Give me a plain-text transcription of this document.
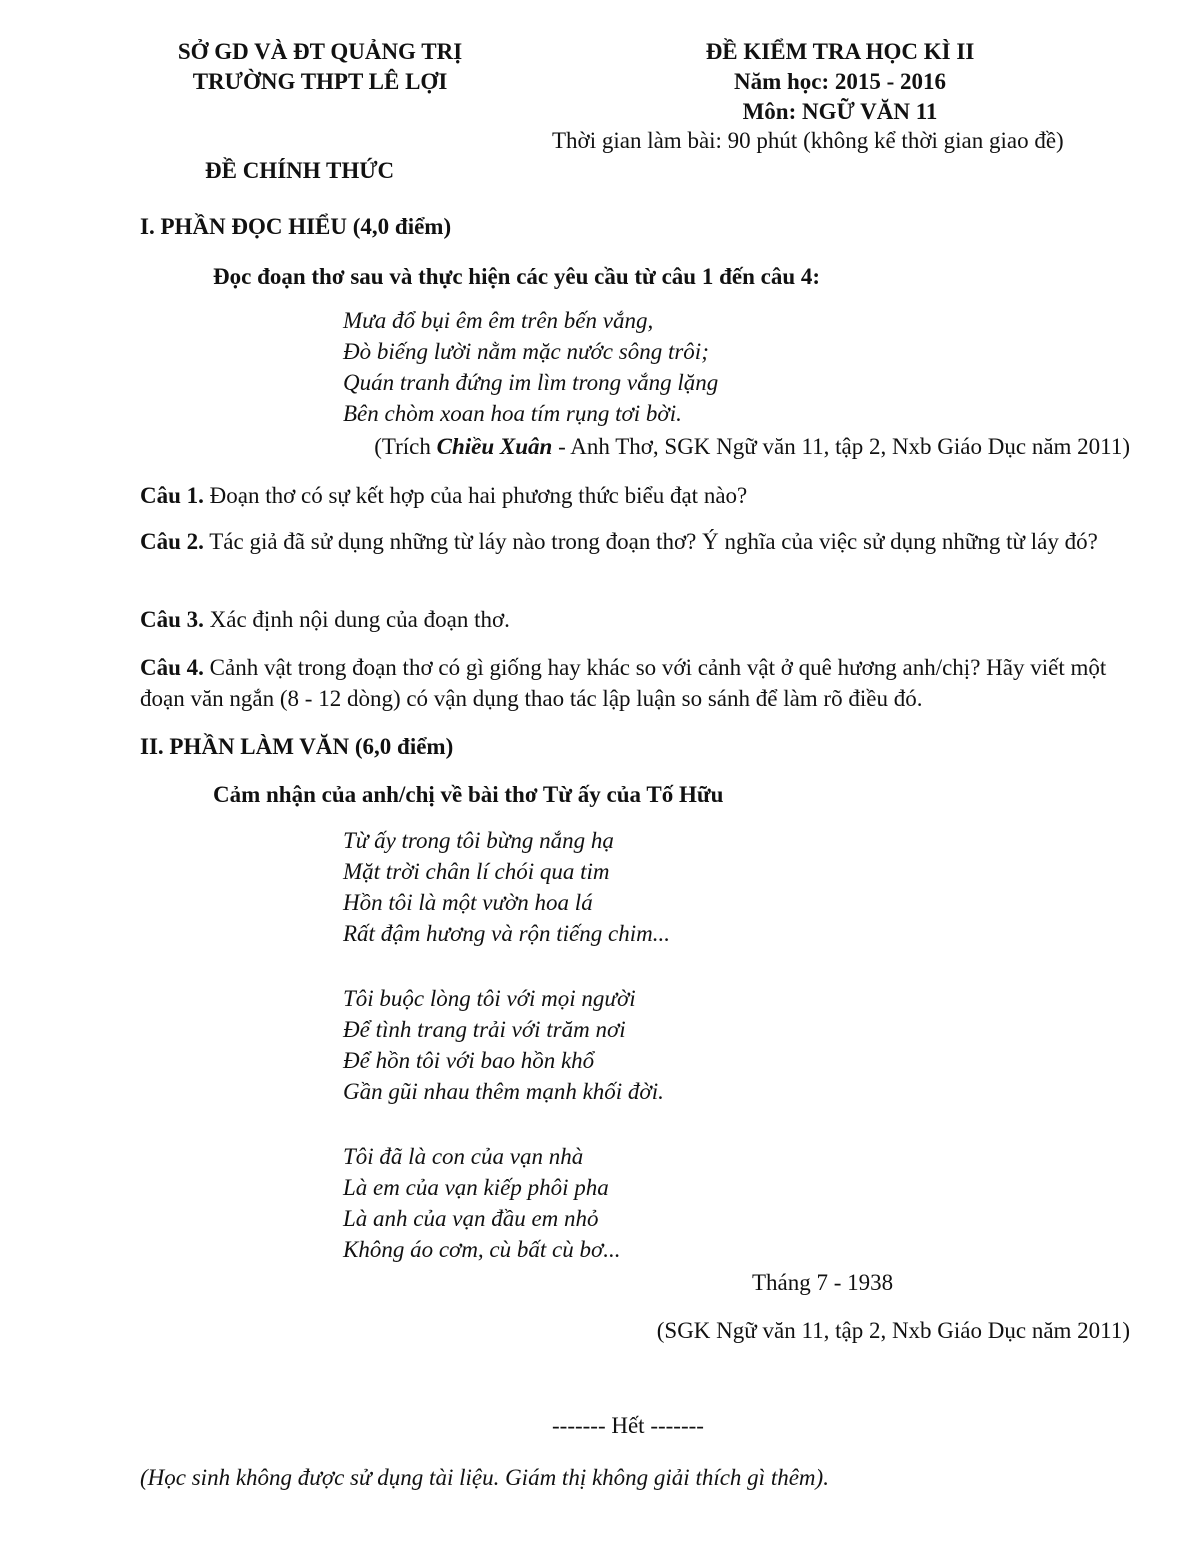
SỞ GD VÀ ĐT QUẢNG TRỊ
TRƯỜNG THPT LÊ LỢI
ĐỀ KIỂM TRA HỌC KÌ II
Năm học: 2015 - 2016
Môn: NGỮ VĂN 11
Thời gian làm bài: 90 phút (không kể thời gian giao đề)
ĐỀ CHÍNH THỨC
I. PHẦN ĐỌC HIỂU (4,0 điểm)
Đọc đoạn thơ sau và thực hiện các yêu cầu từ câu 1 đến câu 4:
Mưa đổ bụi êm êm trên bến vắng,
Đò biếng lười nằm mặc nước sông trôi;
Quán tranh đứng im lìm trong vắng lặng
Bên chòm xoan hoa tím rụng tơi bời.
(Trích Chiều Xuân - Anh Thơ, SGK Ngữ văn 11, tập 2, Nxb Giáo Dục năm 2011)
Câu 1. Đoạn thơ có sự kết hợp của hai phương thức biểu đạt nào?
Câu 2. Tác giả đã sử dụng những từ láy nào trong đoạn thơ? Ý nghĩa của việc sử dụng những từ láy đó?
Câu 3. Xác định nội dung của đoạn thơ.
Câu 4. Cảnh vật trong đoạn thơ có gì giống hay khác so với cảnh vật ở quê hương anh/chị? Hãy viết một đoạn văn ngắn (8 - 12 dòng) có vận dụng thao tác lập luận so sánh để làm rõ điều đó.
II. PHẦN LÀM VĂN (6,0 điểm)
Cảm nhận của anh/chị về bài thơ Từ ấy của Tố Hữu
Từ ấy trong tôi bừng nắng hạ
Mặt trời chân lí chói qua tim
Hồn tôi là một vườn hoa lá
Rất đậm hương và rộn tiếng chim...
Tôi buộc lòng tôi với mọi người
Để tình trang trải với trăm nơi
Để hồn tôi với bao hồn khổ
Gần gũi nhau thêm mạnh khối đời.
Tôi đã là con của vạn nhà
Là em của vạn kiếp phôi pha
Là anh của vạn đầu em nhỏ
Không áo cơm, cù bất cù bơ...
Tháng 7 - 1938
(SGK Ngữ văn 11, tập 2, Nxb Giáo Dục năm 2011)
------- Hết -------
(Học sinh không được sử dụng tài liệu. Giám thị không giải thích gì thêm).
